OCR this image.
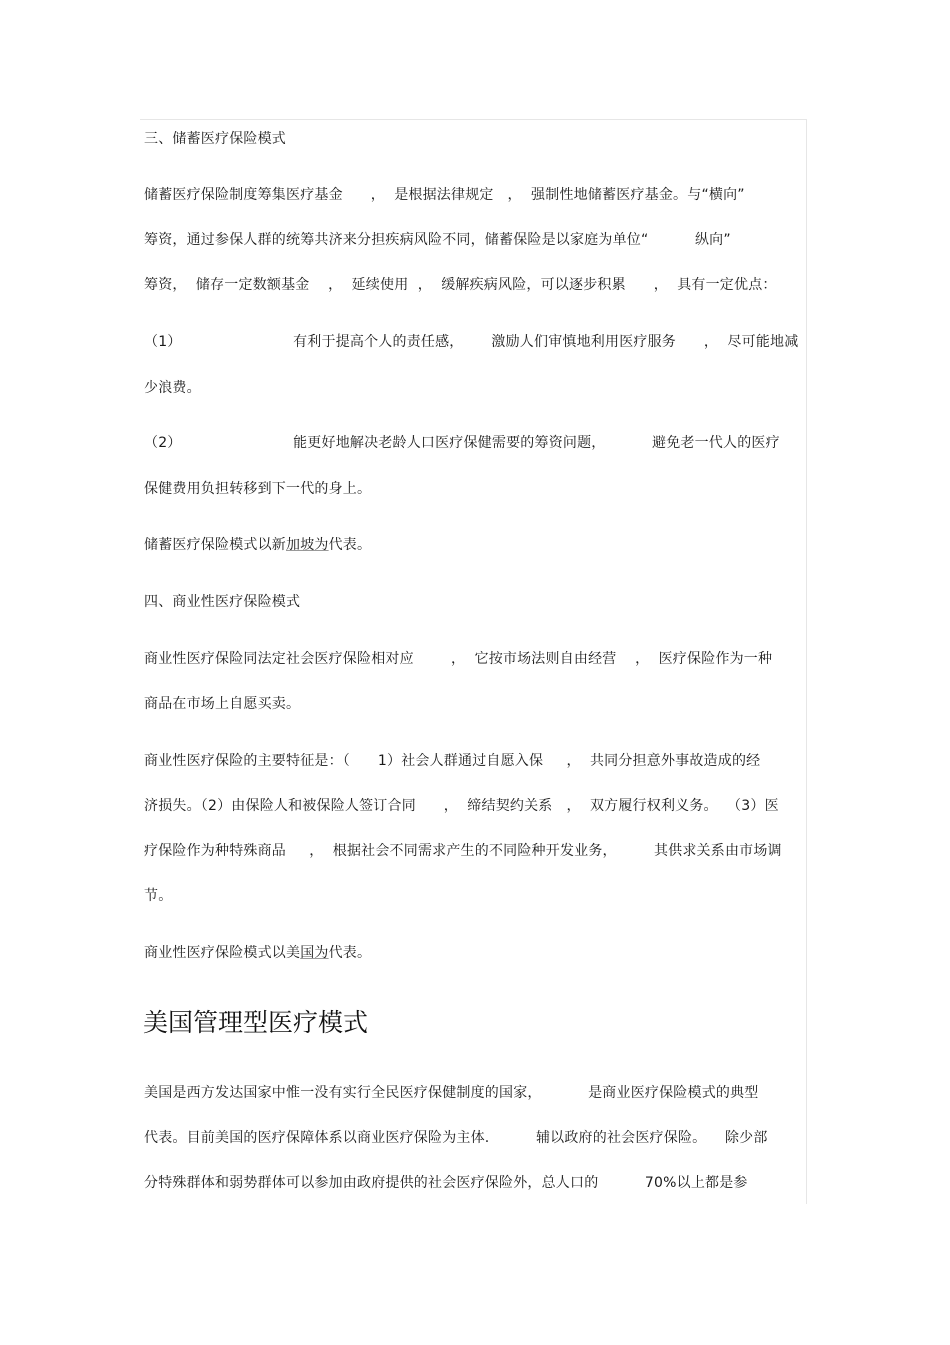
三、储蓄医疗保险模式
储蓄医疗保险制度筹集医疗基金      ，  是根据法律规定   ，  强制性地储蓄医疗基金。与“横向”
筹资，通过参保人群的统筹共济来分担疾病风险不同，储蓄保险是以家庭为单位“          纵向”
筹资，  储存一定数额基金    ，  延续使用  ，  缓解疾病风险，可以逐步积累      ，  具有一定优点：
（1）                        有利于提高个人的责任感，      激励人们审慎地利用医疗服务      ，  尽可能地减
少浪费。
（2）                        能更好地解决老龄人口医疗保健需要的筹资问题，          避免老一代人的医疗
保健费用负担转移到下一代的身上。
储蓄医疗保险模式以新加坡为代表。
四、商业性医疗保险模式
商业性医疗保险同法定社会医疗保险相对应        ，  它按市场法则自由经营    ，  医疗保险作为一种
商品在市场上自愿买卖。
商业性医疗保险的主要特征是：（      1）社会人群通过自愿入保     ，  共同分担意外事故造成的经
济损失。（2）由保险人和被保险人签订合同      ，  缔结契约关系   ，  双方履行权利义务。  （3）医
疗保险作为种特殊商品     ，  根据社会不同需求产生的不同险种开发业务，        其供求关系由市场调
节。
商业性医疗保险模式以美国为代表。
美国管理型医疗模式
美国是西方发达国家中惟一没有实行全民医疗保健制度的国家，          是商业医疗保险模式的典型
代表。目前美国的医疗保障体系以商业医疗保险为主体.          辅以政府的社会医疗保险。    除少部
分特殊群体和弱势群体可以参加由政府提供的社会医疗保险外，总人口的          70%以上都是参
